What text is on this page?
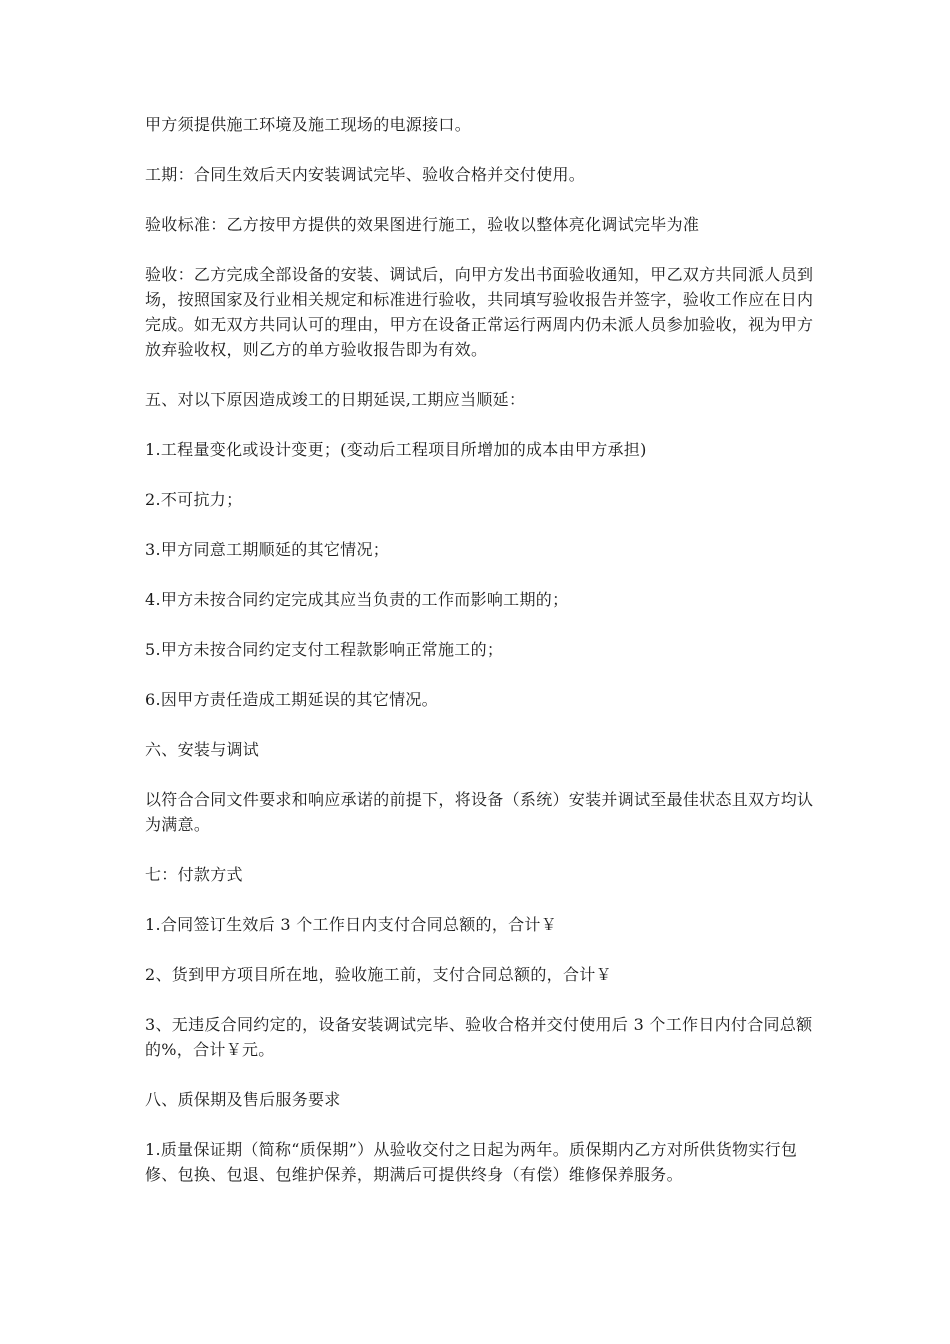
甲方须提供施工环境及施工现场的电源接口。

工期：合同生效后天内安装调试完毕、验收合格并交付使用。

验收标准：乙方按甲方提供的效果图进行施工，验收以整体亮化调试完毕为准

验收：乙方完成全部设备的安装、调试后，向甲方发出书面验收通知，甲乙双方共同派人员到场，按照国家及行业相关规定和标准进行验收，共同填写验收报告并签字，验收工作应在日内完成。如无双方共同认可的理由，甲方在设备正常运行两周内仍未派人员参加验收，视为甲方放弃验收权，则乙方的单方验收报告即为有效。

五、对以下原因造成竣工的日期延误,工期应当顺延：

1.工程量变化或设计变更；(变动后工程项目所增加的成本由甲方承担)

2.不可抗力；

3.甲方同意工期顺延的其它情况；

4.甲方未按合同约定完成其应当负责的工作而影响工期的；

5.甲方未按合同约定支付工程款影响正常施工的；

6.因甲方责任造成工期延误的其它情况。

六、安装与调试

以符合合同文件要求和响应承诺的前提下，将设备（系统）安装并调试至最佳状态且双方均认为满意。

七：付款方式

1.合同签订生效后 3 个工作日内支付合同总额的，合计￥

2、货到甲方项目所在地，验收施工前，支付合同总额的，合计￥

3、无违反合同约定的，设备安装调试完毕、验收合格并交付使用后 3 个工作日内付合同总额的%，合计￥元。

八、质保期及售后服务要求

1.质量保证期（简称“质保期”）从验收交付之日起为两年。质保期内乙方对所供货物实行包修、包换、包退、包维护保养，期满后可提供终身（有偿）维修保养服务。
